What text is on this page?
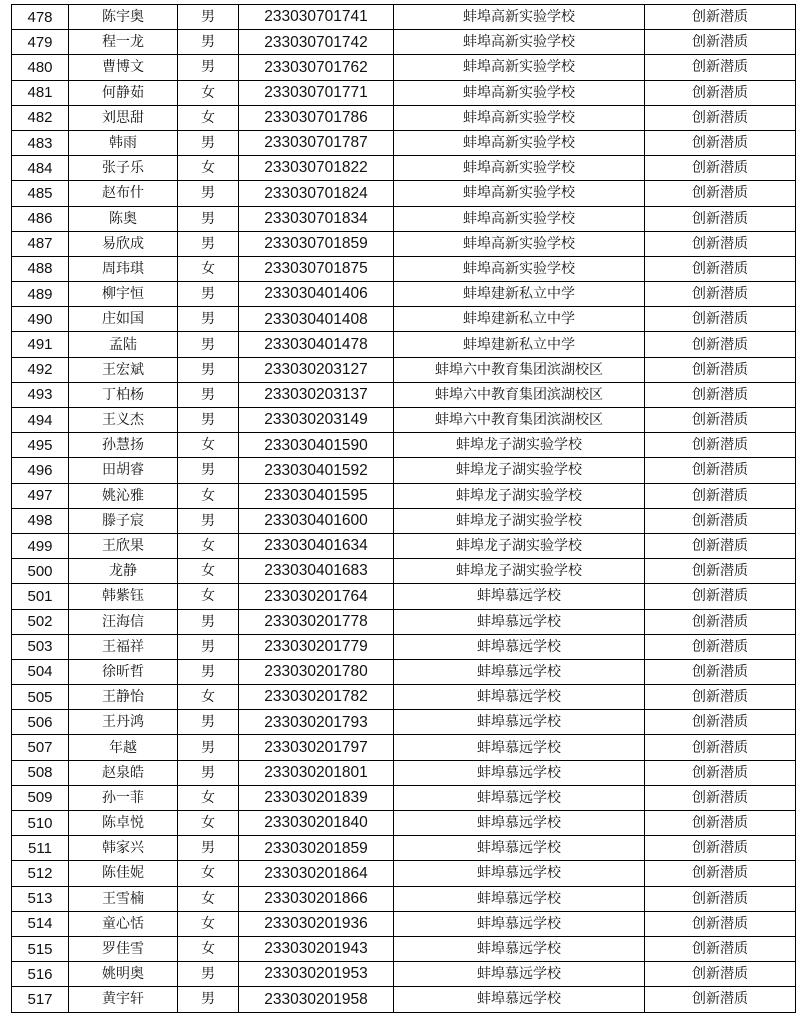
478	陈宇奥	男	233030701741	蚌埠高新实验学校	创新潜质
479	程一龙	男	233030701742	蚌埠高新实验学校	创新潜质
480	曹博文	男	233030701762	蚌埠高新实验学校	创新潜质
481	何静茹	女	233030701771	蚌埠高新实验学校	创新潜质
482	刘思甜	女	233030701786	蚌埠高新实验学校	创新潜质
483	韩雨	男	233030701787	蚌埠高新实验学校	创新潜质
484	张子乐	女	233030701822	蚌埠高新实验学校	创新潜质
485	赵布什	男	233030701824	蚌埠高新实验学校	创新潜质
486	陈奥	男	233030701834	蚌埠高新实验学校	创新潜质
487	易欣成	男	233030701859	蚌埠高新实验学校	创新潜质
488	周玮琪	女	233030701875	蚌埠高新实验学校	创新潜质
489	柳宇恒	男	233030401406	蚌埠建新私立中学	创新潜质
490	庄如国	男	233030401408	蚌埠建新私立中学	创新潜质
491	孟陆	男	233030401478	蚌埠建新私立中学	创新潜质
492	王宏斌	男	233030203127	蚌埠六中教育集团滨湖校区	创新潜质
493	丁柏杨	男	233030203137	蚌埠六中教育集团滨湖校区	创新潜质
494	王义杰	男	233030203149	蚌埠六中教育集团滨湖校区	创新潜质
495	孙慧扬	女	233030401590	蚌埠龙子湖实验学校	创新潜质
496	田胡睿	男	233030401592	蚌埠龙子湖实验学校	创新潜质
497	姚沁雅	女	233030401595	蚌埠龙子湖实验学校	创新潜质
498	滕子宸	男	233030401600	蚌埠龙子湖实验学校	创新潜质
499	王欣果	女	233030401634	蚌埠龙子湖实验学校	创新潜质
500	龙静	女	233030401683	蚌埠龙子湖实验学校	创新潜质
501	韩紫钰	女	233030201764	蚌埠慕远学校	创新潜质
502	汪海信	男	233030201778	蚌埠慕远学校	创新潜质
503	王福祥	男	233030201779	蚌埠慕远学校	创新潜质
504	徐昕哲	男	233030201780	蚌埠慕远学校	创新潜质
505	王静怡	女	233030201782	蚌埠慕远学校	创新潜质
506	王丹鸿	男	233030201793	蚌埠慕远学校	创新潜质
507	年越	男	233030201797	蚌埠慕远学校	创新潜质
508	赵泉皓	男	233030201801	蚌埠慕远学校	创新潜质
509	孙一菲	女	233030201839	蚌埠慕远学校	创新潜质
510	陈卓悦	女	233030201840	蚌埠慕远学校	创新潜质
511	韩家兴	男	233030201859	蚌埠慕远学校	创新潜质
512	陈佳妮	女	233030201864	蚌埠慕远学校	创新潜质
513	王雪楠	女	233030201866	蚌埠慕远学校	创新潜质
514	童心恬	女	233030201936	蚌埠慕远学校	创新潜质
515	罗佳雪	女	233030201943	蚌埠慕远学校	创新潜质
516	姚明奥	男	233030201953	蚌埠慕远学校	创新潜质
517	黄宇轩	男	233030201958	蚌埠慕远学校	创新潜质
